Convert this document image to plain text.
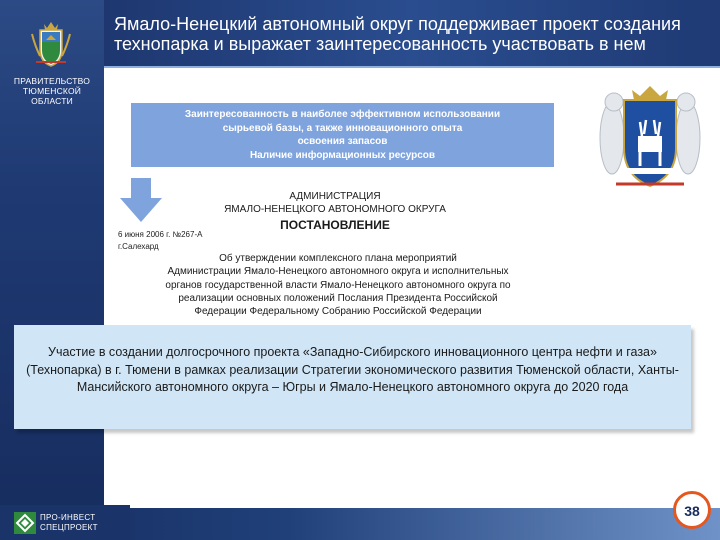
Ямало-Ненецкий автономный округ поддерживает проект создания
технопарка и выражает заинтересованность участвовать в нем
ПРАВИТЕЛЬСТВО
ТЮМЕНСКОЙ
ОБЛАСТИ
Заинтересованность в наиболее эффективном использовании
сырьевой базы, а также инновационного опыта
освоения запасов
Наличие информационных ресурсов
АДМИНИСТРАЦИЯ
ЯМАЛО-НЕНЕЦКОГО АВТОНОМНОГО ОКРУГА
ПОСТАНОВЛЕНИЕ
6 июня 2006 г. №267-А
г.Салехард
Об утверждении комплексного плана мероприятий
Администрации Ямало-Ненецкого автономного округа и исполнительных
органов государственной власти Ямало-Ненецкого автономного округа по
реализации основных положений Послания Президента Российской
Федерации Федеральному Собранию Российской Федерации
Участие в создании долгосрочного проекта «Западно-Сибирского инновационного центра нефти и газа» (Технопарка) в г. Тюмени в рамках реализации Стратегии экономического развития Тюменской области, Ханты-Мансийского автономного округа – Югры и Ямало-Ненецкого автономного округа до 2020 года
ПРО-ИНВЕСТ
СПЕЦПРОЕКТ
38
